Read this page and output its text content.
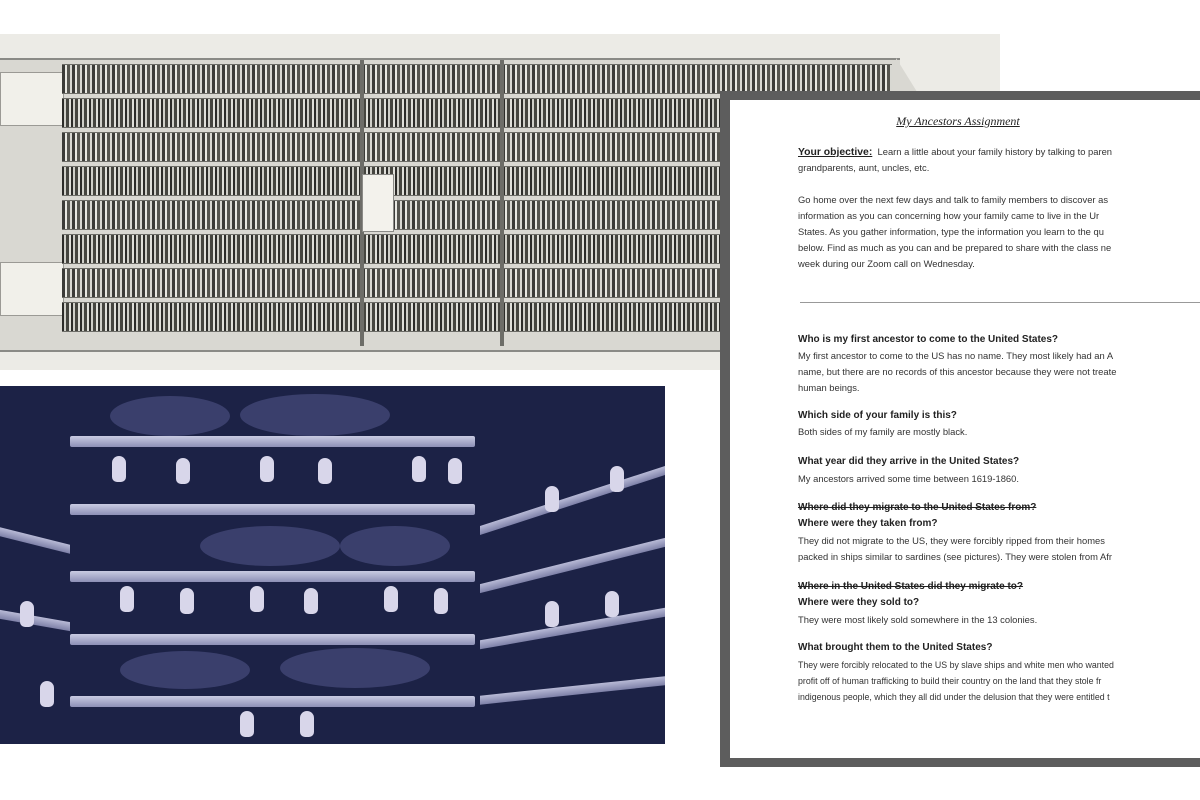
My Ancestors Assignment
Your objective: Learn a little about your family history by talking to paren
grandparents, aunt, uncles, etc.
Go home over the next few days and talk to family members to discover as
information as you can concerning how your family came to live in the Ur
States. As you gather information, type the information you learn to the qu
below. Find as much as you can and be prepared to share with the class ne
week during our Zoom call on Wednesday.
Who is my first ancestor to come to the United States?
My first ancestor to come to the US has no name. They most likely had an A
name, but there are no records of this ancestor because they were not treate
human beings.
Which side of your family is this?
Both sides of my family are mostly black.
What year did they arrive in the United States?
My ancestors arrived some time between 1619-1860.
Where did they migrate to the United States from?
Where were they taken from?
They did not migrate to the US, they were forcibly ripped from their homes
packed in ships similar to sardines (see pictures). They were stolen from Afr
Where in the United States did they migrate to?
Where were they sold to?
They were most likely sold somewhere in the 13 colonies.
What brought them to the United States?
They were forcibly relocated to the US by slave ships and white men who wanted
profit off of human trafficking to build their country on the land that they stole fr
indigenous people, which they all did under the delusion that they were entitled t
